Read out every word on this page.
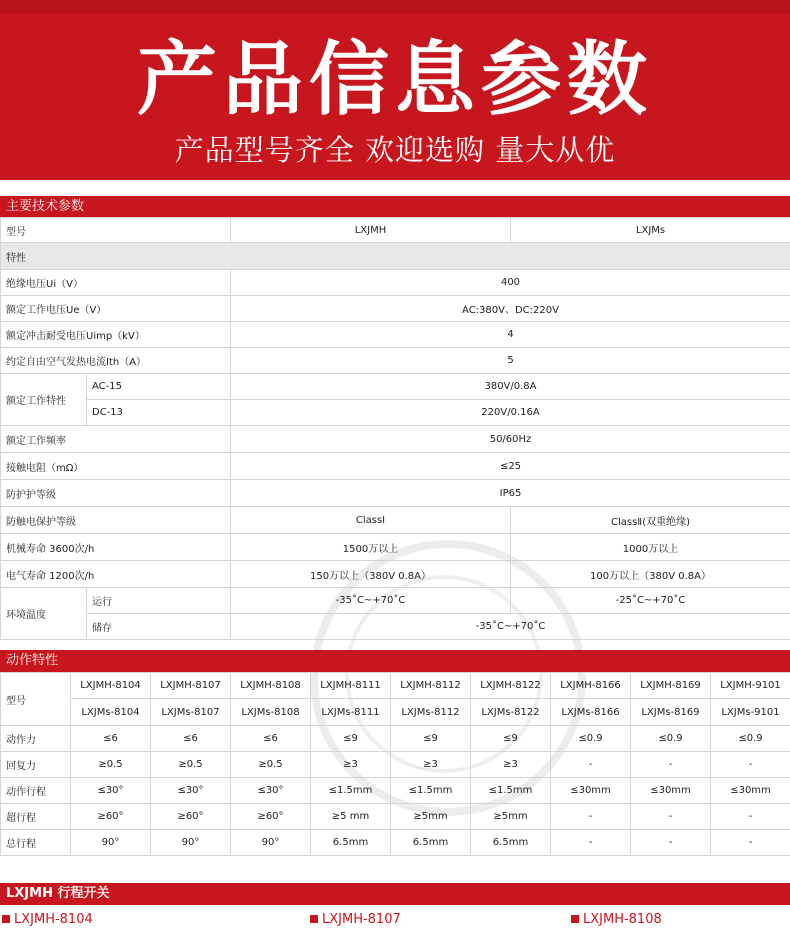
产品信息参数
产品型号齐全 欢迎选购 量大从优
主要技术参数
型号		LXJMH	LXJMs
特性			
绝缘电压Ui（V）		400	
额定工作电压Ue（V）		AC:380V、DC:220V	
额定冲击耐受电压Uimp（kV）		4	
约定自由空气发热电流Ith（A）		5	
额定工作特性	AC-15	380V/0.8A	
	DC-13	220V/0.16A	
额定工作频率		50/60Hz	
接触电阻（mΩ）		≤25	
防护护等级		IP65	
防触电保护等级		ClassI	ClassⅡ(双重绝缘)
机械寿命 3600次/h		1500万以上	1000万以上
电气寿命 1200次/h		150万以上（380V 0.8A）	100万以上（380V 0.8A）
环境温度	运行	-35˚C~+70˚C	-25˚C~+70˚C
	储存	-35˚C~+70˚C	
动作特性
型号	LXJMH-8104	LXJMH-8107	LXJMH-8108	LXJMH-8111	LXJMH-8112	LXJMH-8122	LXJMH-8166	LXJMH-8169	LXJMH-9101
	LXJMs-8104	LXJMs-8107	LXJMs-8108	LXJMs-8111	LXJMs-8112	LXJMs-8122	LXJMs-8166	LXJMs-8169	LXJMs-9101
动作力	≤6	≤6	≤6	≤9	≤9	≤9	≤0.9	≤0.9	≤0.9
回复力	≥0.5	≥0.5	≥0.5	≥3	≥3	≥3	-	-	-
动作行程	≤30°	≤30°	≤30°	≤1.5mm	≤1.5mm	≤1.5mm	≤30mm	≤30mm	≤30mm
超行程	≥60°	≥60°	≥60°	≥5 mm	≥5mm	≥5mm	-	-	-
总行程	90°	90°	90°	6.5mm	6.5mm	6.5mm	-	-	-
LXJMH 行程开关
LXJMH-8104	LXJMH-8107	LXJMH-8108
